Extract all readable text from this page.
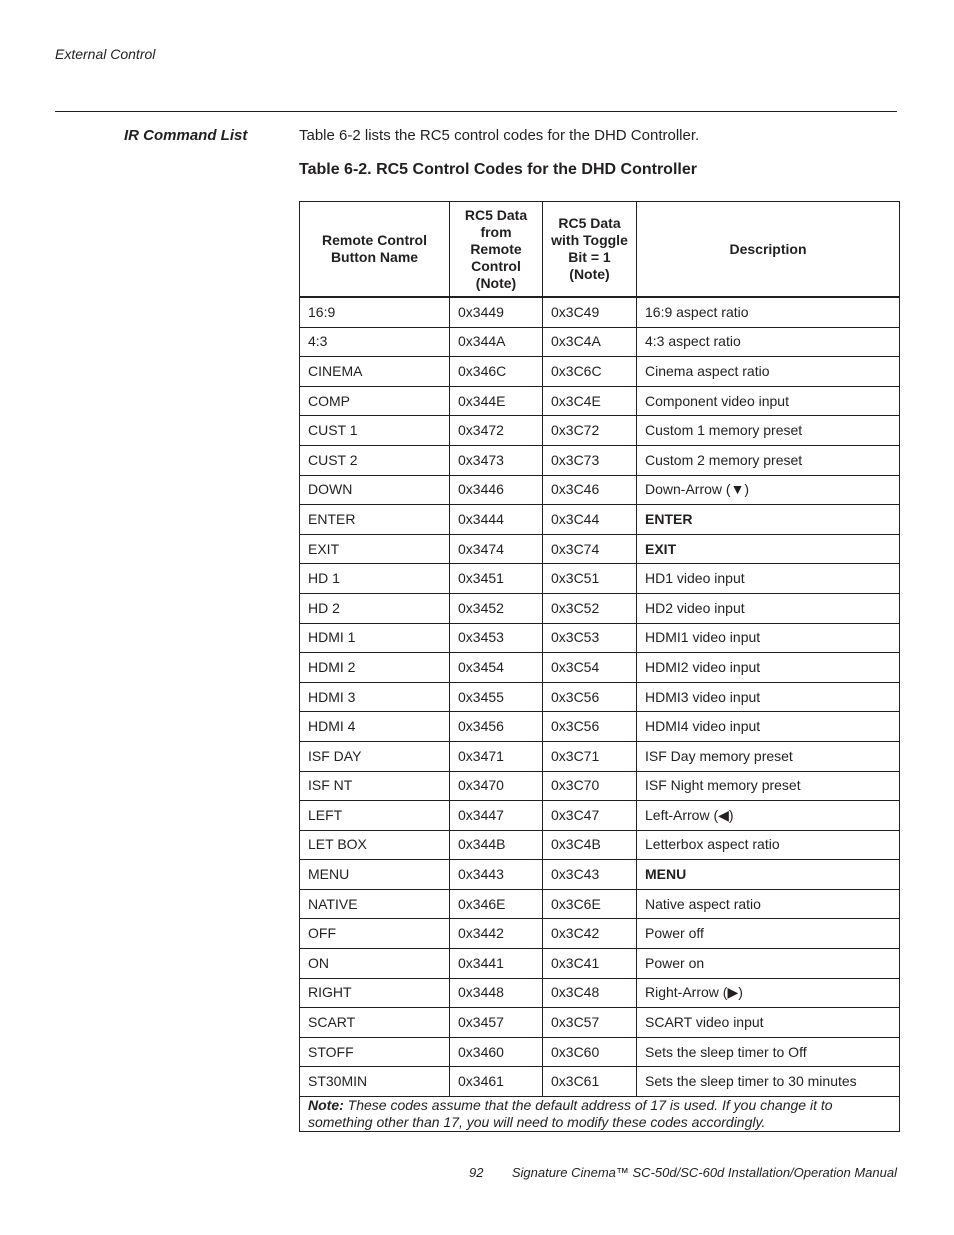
External Control
IR Command List	Table 6-2 lists the RC5 control codes for the DHD Controller.
Table 6-2. RC5 Control Codes for the DHD Controller
Remote Control Button Name	RC5 Data from Remote Control (Note)	RC5 Data with Toggle Bit = 1 (Note)	Description
16:9	0x3449	0x3C49	16:9 aspect ratio
4:3	0x344A	0x3C4A	4:3 aspect ratio
CINEMA	0x346C	0x3C6C	Cinema aspect ratio
COMP	0x344E	0x3C4E	Component video input
CUST 1	0x3472	0x3C72	Custom 1 memory preset
CUST 2	0x3473	0x3C73	Custom 2 memory preset
DOWN	0x3446	0x3C46	Down-Arrow (▼)
ENTER	0x3444	0x3C44	ENTER
EXIT	0x3474	0x3C74	EXIT
HD 1	0x3451	0x3C51	HD1 video input
HD 2	0x3452	0x3C52	HD2 video input
HDMI 1	0x3453	0x3C53	HDMI1 video input
HDMI 2	0x3454	0x3C54	HDMI2 video input
HDMI 3	0x3455	0x3C56	HDMI3 video input
HDMI 4	0x3456	0x3C56	HDMI4 video input
ISF DAY	0x3471	0x3C71	ISF Day memory preset
ISF NT	0x3470	0x3C70	ISF Night memory preset
LEFT	0x3447	0x3C47	Left-Arrow (◀)
LET BOX	0x344B	0x3C4B	Letterbox aspect ratio
MENU	0x3443	0x3C43	MENU
NATIVE	0x346E	0x3C6E	Native aspect ratio
OFF	0x3442	0x3C42	Power off
ON	0x3441	0x3C41	Power on
RIGHT	0x3448	0x3C48	Right-Arrow (▶)
SCART	0x3457	0x3C57	SCART video input
STOFF	0x3460	0x3C60	Sets the sleep timer to Off
ST30MIN	0x3461	0x3C61	Sets the sleep timer to 30 minutes
Note: These codes assume that the default address of 17 is used. If you change it to something other than 17, you will need to modify these codes accordingly.			
92 Signature Cinema™ SC-50d/SC-60d Installation/Operation Manual
